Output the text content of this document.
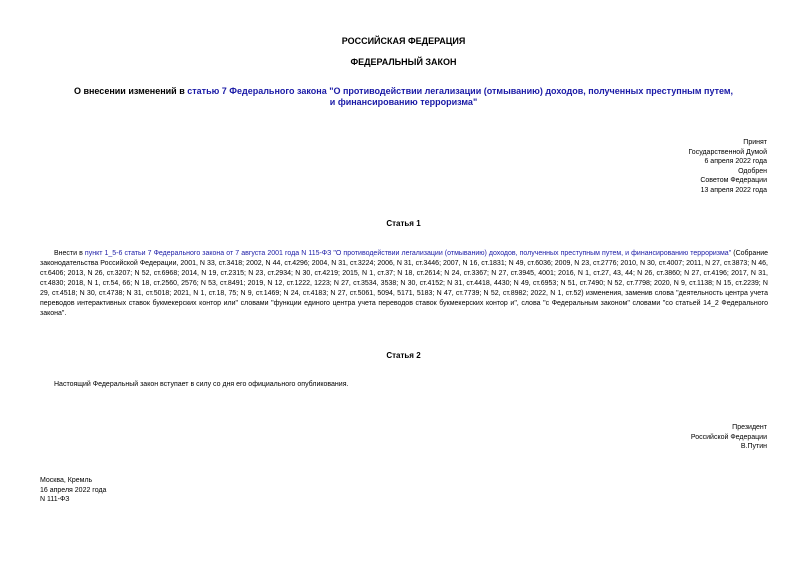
РОССИЙСКАЯ ФЕДЕРАЦИЯ
ФЕДЕРАЛЬНЫЙ ЗАКОН
О внесении изменений в статью 7 Федерального закона "О противодействии легализации (отмыванию) доходов, полученных преступным путем, и финансированию терроризма"
Принят
Государственной Думой
6 апреля 2022 года
Одобрен
Советом Федерации
13 апреля 2022 года
Статья 1
Внести в пункт 1_5-6 статьи 7 Федерального закона от 7 августа 2001 года N 115-ФЗ "О противодействии легализации (отмыванию) доходов, полученных преступным путем, и финансированию терроризма" (Собрание законодательства Российской Федерации, 2001, N 33, ст.3418; 2002, N 44, ст.4296; 2004, N 31, ст.3224; 2006, N 31, ст.3446; 2007, N 16, ст.1831; N 49, ст.6036; 2009, N 23, ст.2776; 2010, N 30, ст.4007; 2011, N 27, ст.3873; N 46, ст.6406; 2013, N 26, ст.3207; N 52, ст.6968; 2014, N 19, ст.2315; N 23, ст.2934; N 30, ст.4219; 2015, N 1, ст.37; N 18, ст.2614; N 24, ст.3367; N 27, ст.3945, 4001; 2016, N 1, ст.27, 43, 44; N 26, ст.3860; N 27, ст.4196; 2017, N 31, ст.4830; 2018, N 1, ст.54, 66; N 18, ст.2560, 2576; N 53, ст.8491; 2019, N 12, ст.1222, 1223; N 27, ст.3534, 3538; N 30, ст.4152; N 31, ст.4418, 4430; N 49, ст.6953; N 51, ст.7490; N 52, ст.7798; 2020, N 9, ст.1138; N 15, ст.2239; N 29, ст.4518; N 30, ст.4738; N 31, ст.5018; 2021, N 1, ст.18, 75; N 9, ст.1469; N 24, ст.4183; N 27, ст.5061, 5094, 5171, 5183; N 47, ст.7739; N 52, ст.8982; 2022, N 1, ст.52) изменения, заменив слова "деятельность центра учета переводов интерактивных ставок букмекерских контор или" словами "функции единого центра учета переводов ставок букмекерских контор и", слова "с Федеральным законом" словами "со статьей 14_2 Федерального закона".
Статья 2
Настоящий Федеральный закон вступает в силу со дня его официального опубликования.
Президент
Российской Федерации
В.Путин
Москва, Кремль
16 апреля 2022 года
N 111-ФЗ
